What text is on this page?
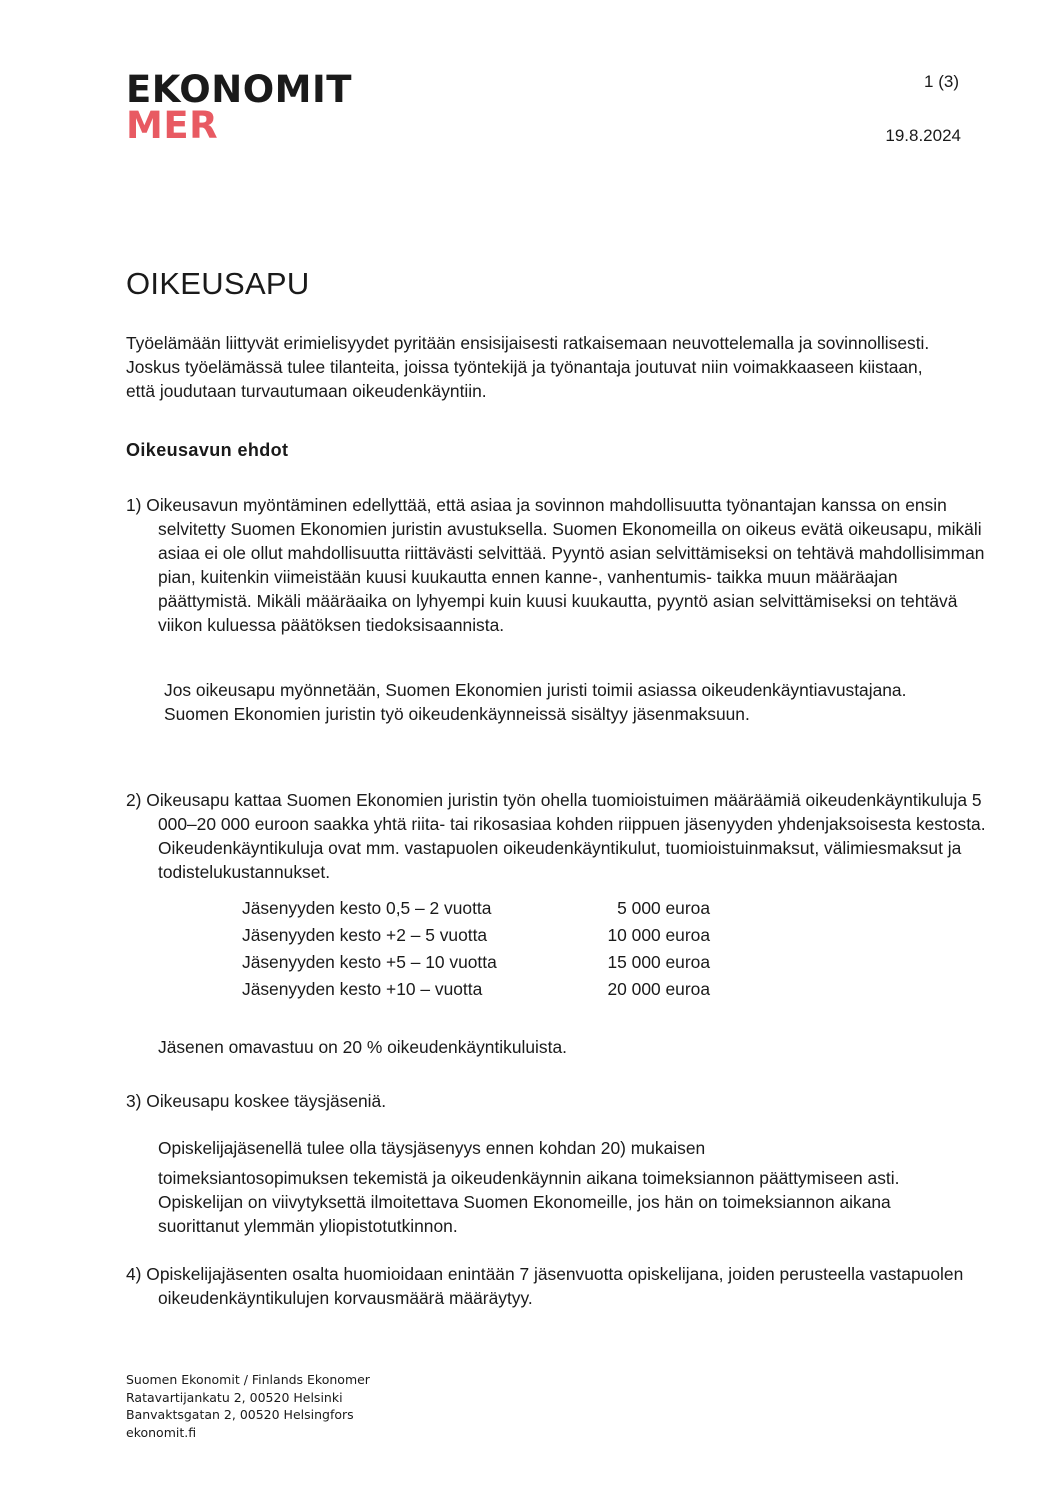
EKONOMIT
MER
1 (3)
19.8.2024
OIKEUSAPU

Työelämään liittyvät erimielisyydet pyritään ensisijaisesti ratkaisemaan neuvottelemalla ja sovinnollisesti. Joskus työelämässä tulee tilanteita, joissa työntekijä ja työnantaja joutuvat niin voimakkaaseen kiistaan, että joudutaan turvautumaan oikeudenkäyntiin.

Oikeusavun ehdot

1) Oikeusavun myöntäminen edellyttää, että asiaa ja sovinnon mahdollisuutta työnantajan kanssa on ensin selvitetty Suomen Ekonomien juristin avustuksella. Suomen Ekonomeilla on oikeus evätä oikeusapu, mikäli asiaa ei ole ollut mahdollisuutta riittävästi selvittää. Pyyntö asian selvittämiseksi on tehtävä mahdollisimman pian, kuitenkin viimeistään kuusi kuukautta ennen kanne-, vanhentumis- taikka muun määräajan päättymistä. Mikäli määräaika on lyhyempi kuin kuusi kuukautta, pyyntö asian selvittämiseksi on tehtävä viikon kuluessa päätöksen tiedoksisaannista.

Jos oikeusapu myönnetään, Suomen Ekonomien juristi toimii asiassa oikeudenkäyntiavustajana. Suomen Ekonomien juristin työ oikeudenkäynneissä sisältyy jäsenmaksuun.

2) Oikeusapu kattaa Suomen Ekonomien juristin työn ohella tuomioistuimen määräämiä oikeudenkäyntikuluja 5 000–20 000 euroon saakka yhtä riita- tai rikosasiaa kohden riippuen jäsenyyden yhdenjaksoisesta kestosta. Oikeudenkäyntikuluja ovat mm. vastapuolen oikeudenkäyntikulut, tuomioistuinmaksut, välimiesmaksut ja todistelukustannukset.

Jäsenyyden kesto 0,5 – 2 vuotta	5 000 euroa
Jäsenyyden kesto +2 – 5 vuotta	10 000 euroa
Jäsenyyden kesto +5 – 10 vuotta	15 000 euroa
Jäsenyyden kesto +10 – vuotta	20 000 euroa

Jäsenen omavastuu on 20 % oikeudenkäyntikuluista.

3) Oikeusapu koskee täysjäseniä.

Opiskelijajäsenellä tulee olla täysjäsenyys ennen kohdan 20) mukaisen

toimeksiantosopimuksen tekemistä ja oikeudenkäynnin aikana toimeksiannon päättymiseen asti. Opiskelijan on viivytyksettä ilmoitettava Suomen Ekonomeille, jos hän on toimeksiannon aikana suorittanut ylemmän yliopistotutkinnon.

4) Opiskelijajäsenten osalta huomioidaan enintään 7 jäsenvuotta opiskelijana, joiden perusteella vastapuolen oikeudenkäyntikulujen korvausmäärä määräytyy.

Suomen Ekonomit / Finlands Ekonomer
Ratavartijankatu 2, 00520 Helsinki
Banvaktsgatan 2, 00520 Helsingfors
ekonomit.fi
